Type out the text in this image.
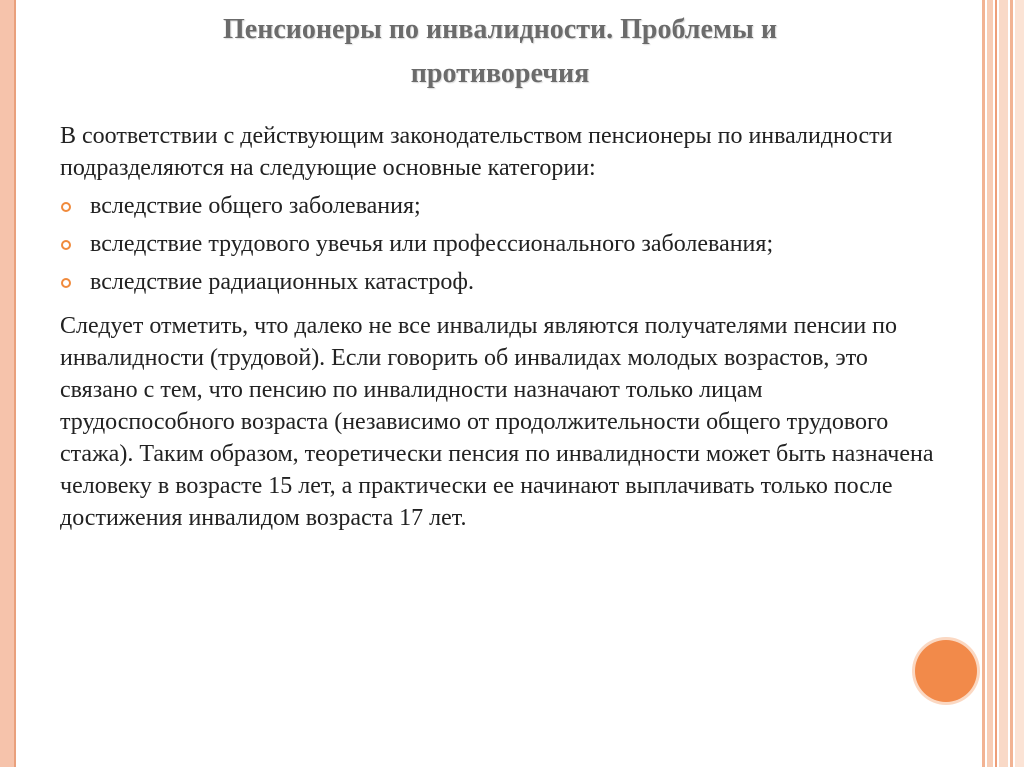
Пенсионеры по инвалидности. Проблемы и
противоречия

В соответствии с действующим законодательством пенсионеры по инвалидности подразделяются на следующие основные категории:

вследствие общего заболевания;
вследствие трудового увечья или профессионального заболевания;
вследствие радиационных катастроф.

Следует отметить, что далеко не все инвалиды являются получателями пенсии по инвалидности (трудовой). Если говорить об инвалидах молодых возрастов, это связано с тем, что пенсию по инвалидности назначают только лицам трудоспособного возраста (независимо от продолжительности общего трудового стажа). Таким образом, теоретически пенсия по инвалидности может быть назначена человеку в возрасте 15 лет, а практически ее начинают выплачивать только после достижения инвалидом возраста 17 лет.
